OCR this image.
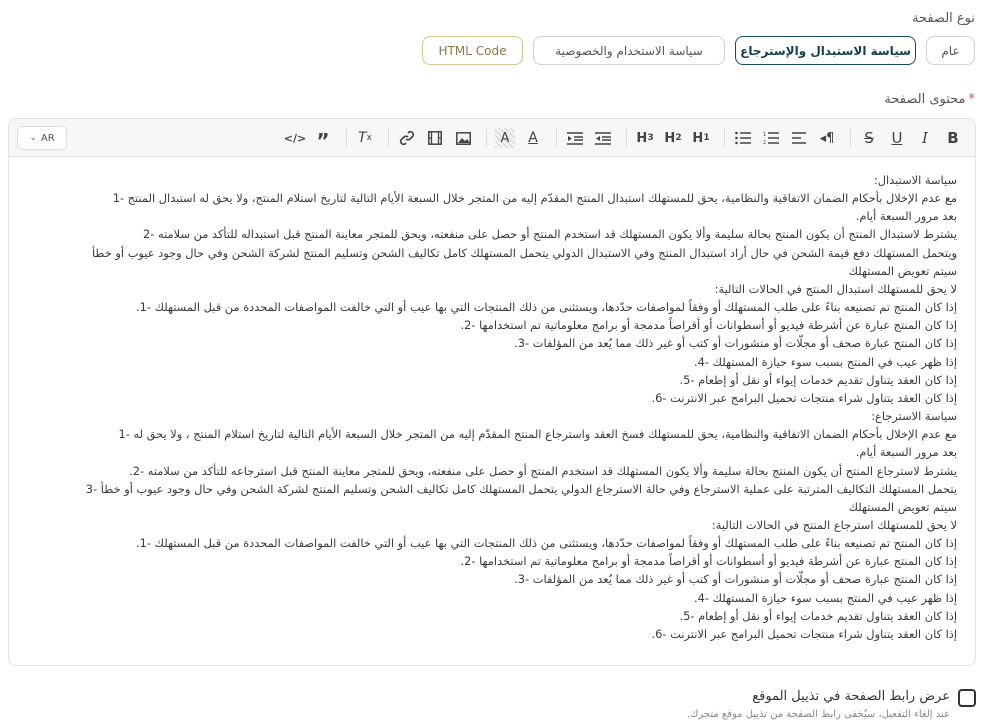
نوع الصفحة
عام
سياسة الاستبدال والإسترجاع
سياسة الاستخدام والخصوصية
HTML Code
*محتوى الصفحة
B
I
U
S
◂¶
1
2
H 1
H 2
H 3
A
A
T x
”
</>
⌄ AR
سياسة الاستبدال:
مع عدم الإخلال بأحكام الضمان الاتفاقية والنظامية، يحق للمستهلك استبدال المنتج المقدّم إليه من المتجر خلال السبعة الأيام التالية لتاريخ استلام المنتج، ولا يحق له استبدال المنتج -1
بعد مرور السبعة أيام.
يشترط لاستبدال المنتج أن يكون المنتج بحالة سليمة وألا يكون المستهلك قد استخدم المنتج أو حصل على منفعته، ويحق للمتجر معاينة المنتج قبل استبداله للتأكد من سلامته -2
ويتحمل المستهلك دفع قيمة الشحن في حال أراد استبدال المنتج وفي الاستبدال الدولي يتحمل المستهلك كامل تكاليف الشحن وتسليم المنتج لشركة الشحن وفي حال وجود عيوب أو خطأ
سيتم تعويض المستهلك
لا يحق للمستهلك استبدال المنتج في الحالات التالية:
إذا كان المنتج تم تصنيعه بناءً على طلب المستهلك أو وفقاً لمواصفات حدّدها، ويستثنى من ذلك المنتجات التي بها عيب أو التي خالفت المواصفات المحددة من قبل المستهلك -1.
إذا كان المنتج عبارة عن أشرطة فيديو أو أسطوانات أو أقراصاً مدمجة أو برامج معلوماتية تم استخدامها -2.
إذا كان المنتج عبارة صحف أو مجلّات أو منشورات أو كتب أو غير ذلك مما يُعد من المؤلفات -3.
إذا ظهر عيب في المنتج بسبب سوء حيازة المستهلك -4.
إذا كان العقد يتناول تقديم خدمات إيواء أو نقل أو إطعام -5.
إذا كان العقد يتناول شراء منتجات تحميل البرامج عبر الانترنت -6.
سياسة الاسترجاع:
مع عدم الإخلال بأحكام الضمان الاتفاقية والنظامية، يحق للمستهلك فسخ العقد واسترجاع المنتج المقدّم إليه من المتجر خلال السبعة الأيام التالية لتاريخ استلام المنتج ، ولا يحق له -1
بعد مرور السبعة أيام.
يشترط لاسترجاع المنتج أن يكون المنتج بحالة سليمة وألا يكون المستهلك قد استخدم المنتج أو حصل على منفعته، ويحق للمتجر معاينة المنتج قبل استرجاعه للتأكد من سلامته -2.
يتحمل المستهلك التكاليف المترتبة على عملية الاسترجاع وفي حالة الاسترجاع الدولي يتحمل المستهلك كامل تكاليف الشحن وتسليم المنتج لشركة الشحن وفي حال وجود عيوب أو خطأ -3
سيتم تعويض المستهلك
لا يحق للمستهلك استرجاع المنتج في الحالات التالية:
إذا كان المنتج تم تصنيعه بناءً على طلب المستهلك أو وفقاً لمواصفات حدّدها، ويستثنى من ذلك المنتجات التي بها عيب أو التي خالفت المواصفات المحددة من قبل المستهلك -1.
إذا كان المنتج عبارة عن أشرطة فيديو أو أسطوانات أو أقراصاً مدمجة أو برامج معلوماتية تم استخدامها -2.
إذا كان المنتج عبارة صحف أو مجلّات أو منشورات أو كتب أو غير ذلك مما يُعد من المؤلفات -3.
إذا ظهر عيب في المنتج بسبب سوء حيازة المستهلك -4.
إذا كان العقد يتناول تقديم خدمات إيواء أو نقل أو إطعام -5.
إذا كان العقد يتناول شراء منتجات تحميل البرامج عبر الانترنت -6.
عرض رابط الصفحة في تذييل الموقع
عند إلغاء التفعيل، سيُخفى رابط الصفحة من تذييل موقع متجرك.
